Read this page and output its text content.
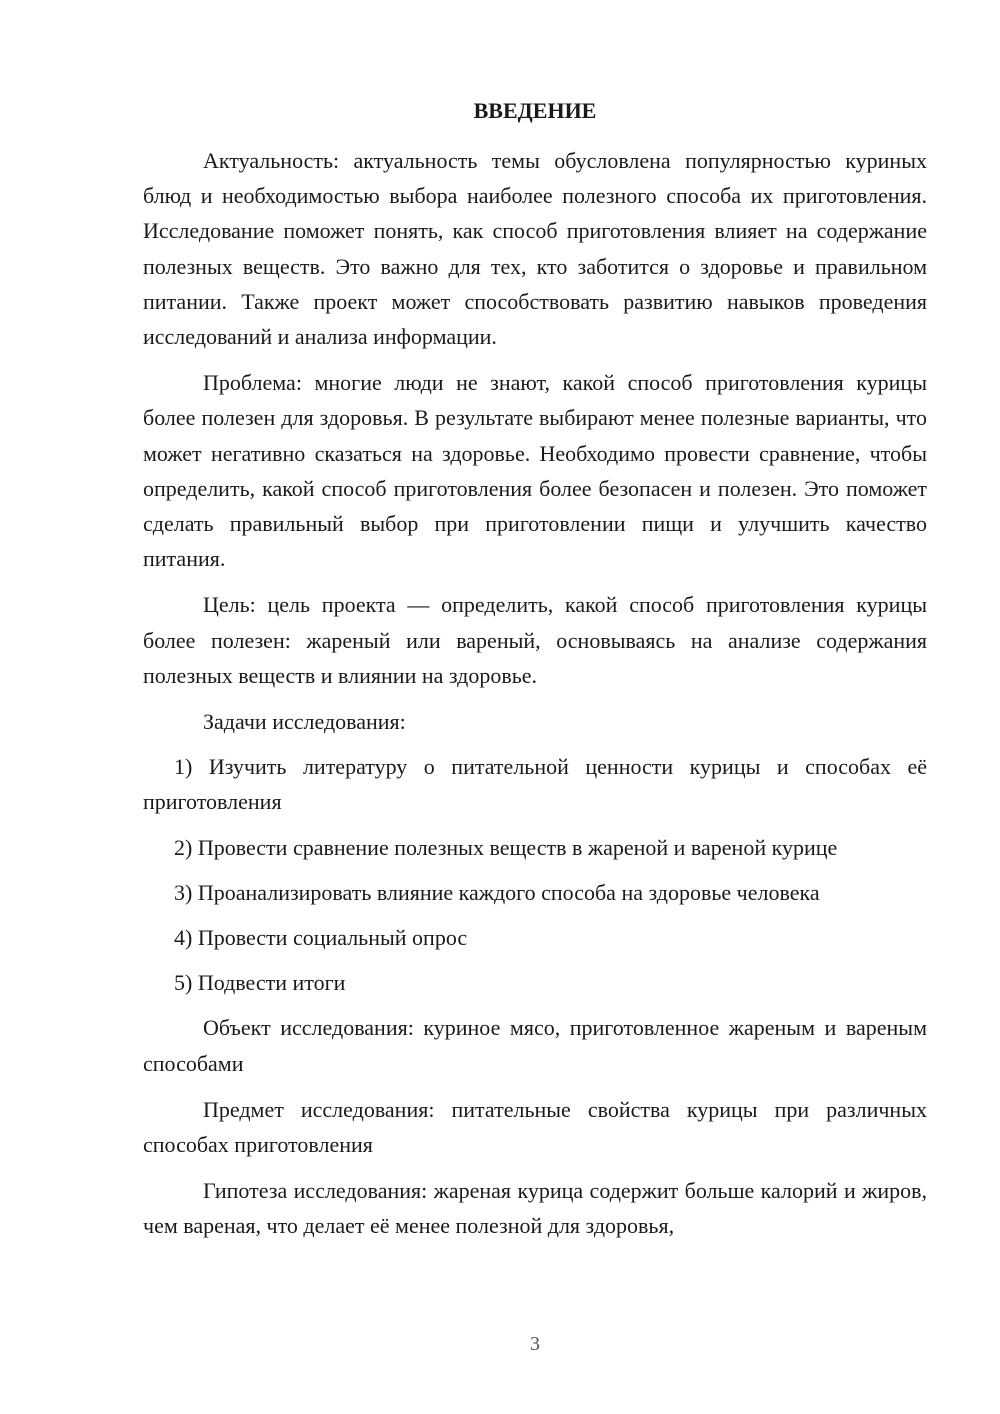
ВВЕДЕНИЕ

Актуальность: актуальность темы обусловлена популярностью куриных блюд и необходимостью выбора наиболее полезного способа их приготовления. Исследование поможет понять, как способ приготовления влияет на содержание полезных веществ. Это важно для тех, кто заботится о здоровье и правильном питании. Также проект может способствовать развитию навыков проведения исследований и анализа информации.

Проблема: многие люди не знают, какой способ приготовления курицы более полезен для здоровья. В результате выбирают менее полезные варианты, что может негативно сказаться на здоровье. Необходимо провести сравнение, чтобы определить, какой способ приготовления более безопасен и полезен. Это поможет сделать правильный выбор при приготовлении пищи и улучшить качество питания.

Цель: цель проекта — определить, какой способ приготовления курицы более полезен: жареный или вареный, основываясь на анализе содержания полезных веществ и влиянии на здоровье.

Задачи исследования:

1) Изучить литературу о питательной ценности курицы и способах её приготовления

2) Провести сравнение полезных веществ в жареной и вареной курице

3) Проанализировать влияние каждого способа на здоровье человека

4) Провести социальный опрос

5) Подвести итоги

Объект исследования: куриное мясо, приготовленное жареным и вареным способами

Предмет исследования: питательные свойства курицы при различных способах приготовления

Гипотеза исследования: жареная курица содержит больше калорий и жиров, чем вареная, что делает её менее полезной для здоровья,

3
